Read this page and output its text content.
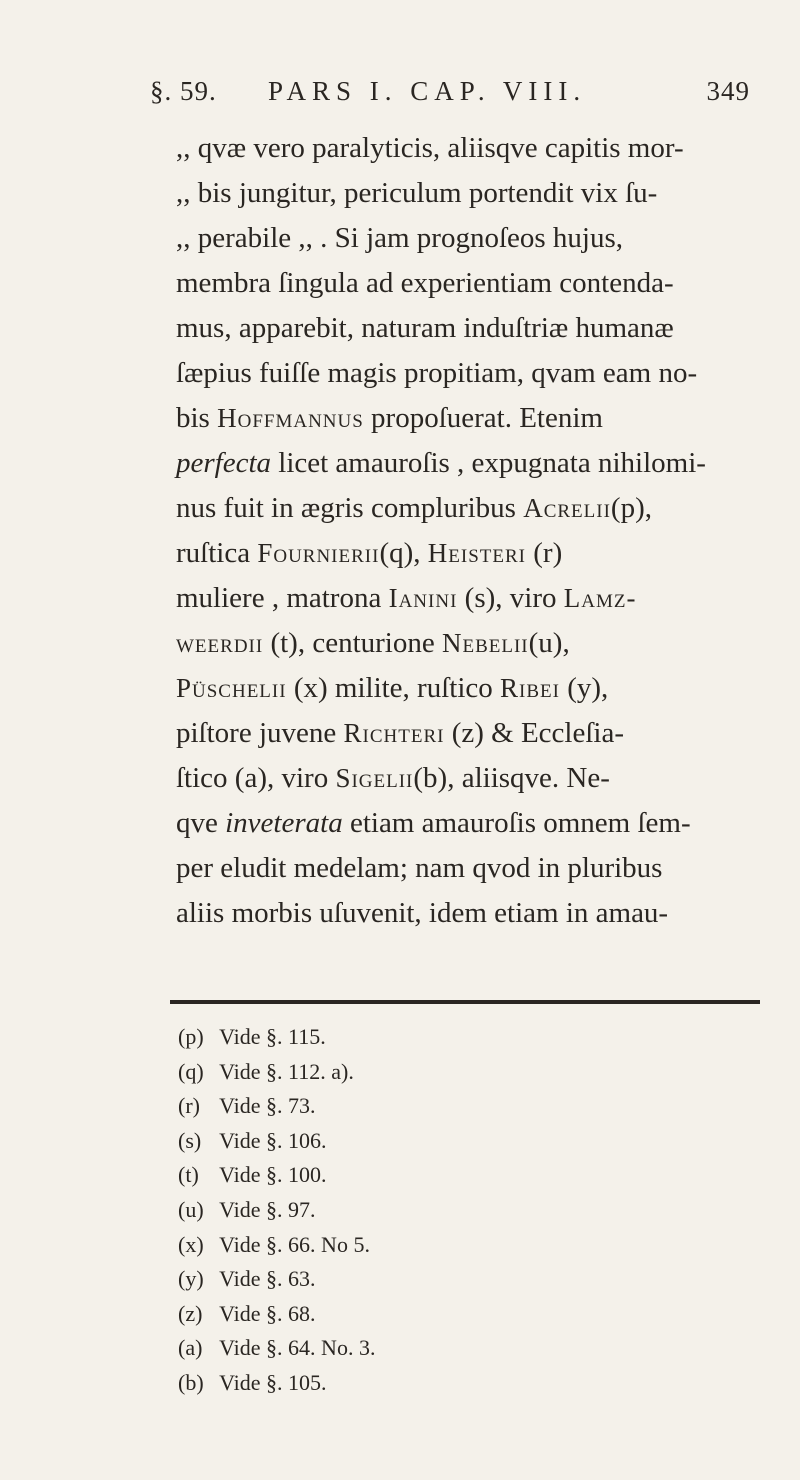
§. 59. PARS I. CAP. VIII.	349
,, qvæ vero paralyticis, aliisqve capitis mor-
,, bis jungitur, periculum portendit vix ſu-
,, perabile ,, . Si jam prognoſeos hujus,
membra ſingula ad experientiam contenda-
mus, apparebit, naturam induſtriæ humanæ
ſæpius fuiſſe magis propitiam, qvam eam no-
bis Hoffmannus propoſuerat. Etenim
perfecta licet amauroſis , expugnata nihilomi-
nus fuit in ægris compluribus Acrelii(p),
ruſtica Fournierii(q), Heisteri (r)
muliere , matrona Ianini (s), viro Lamz-
weerdii (t), centurione Nebelii(u),
Püschelii (x) milite, ruſtico Ribei (y),
piſtore juvene Richteri (z) & Eccleſia-
ſtico (a), viro Sigelii(b), aliisqve. Ne-
qve inveterata etiam amauroſis omnem ſem-
per eludit medelam; nam qvod in pluribus
aliis morbis uſuvenit, idem etiam in amau-
(p) Vide §. 115.
(q) Vide §. 112. a).
(r) Vide §. 73.
(s) Vide §. 106.
(t) Vide §. 100.
(u) Vide §. 97.
(x) Vide §. 66. No 5.
(y) Vide §. 63.
(z) Vide §. 68.
(a) Vide §. 64. No. 3.
(b) Vide §. 105.
